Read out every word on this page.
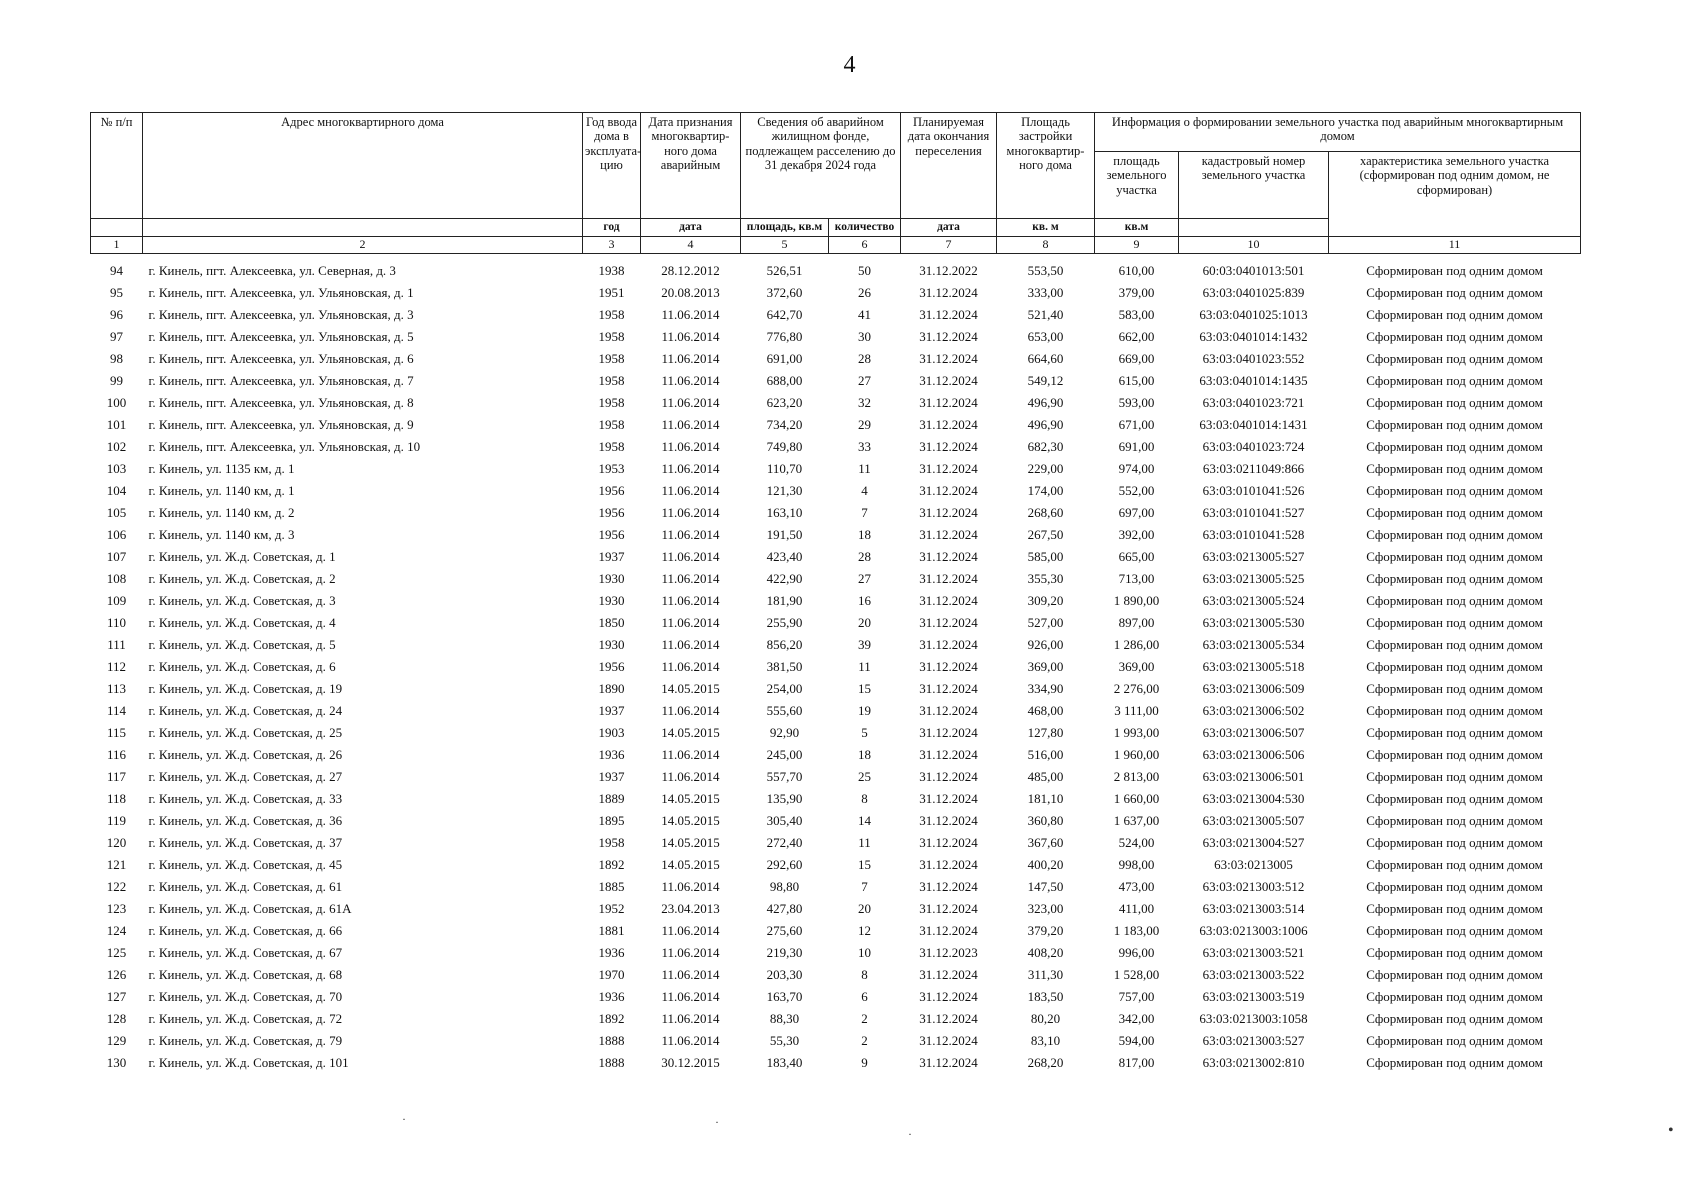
4
№ п/п	Адрес многоквартирного дома	Год ввода дома в эксплуата-цию	Дата признания многоквартир-ного дома аварийным	Сведения об аварийном жилищном фонде, подлежащем расселению до 31 декабря 2024 года		Планируемая дата окончания переселения	Площадь застройки многоквартир-ного дома	Информация о формировании земельного участка под аварийным многоквартирным домом		
								площадь земельного участка	кадастровый номер земельного участка	характеристика земельного участка (сформирован под одним домом, не сформирован)
		год	дата	площадь, кв.м	количество	дата	кв. м	кв.м		
1	2	3	4	5	6	7	8	9	10	11
94	г. Кинель, пгт. Алексеевка, ул. Северная, д. 3	1938	28.12.2012	526,51	50	31.12.2022	553,50	610,00	60:03:0401013:501	Сформирован под одним домом
95	г. Кинель, пгт. Алексеевка, ул. Ульяновская, д. 1	1951	20.08.2013	372,60	26	31.12.2024	333,00	379,00	63:03:0401025:839	Сформирован под одним домом
96	г. Кинель, пгт. Алексеевка, ул. Ульяновская, д. 3	1958	11.06.2014	642,70	41	31.12.2024	521,40	583,00	63:03:0401025:1013	Сформирован под одним домом
97	г. Кинель, пгт. Алексеевка, ул. Ульяновская, д. 5	1958	11.06.2014	776,80	30	31.12.2024	653,00	662,00	63:03:0401014:1432	Сформирован под одним домом
98	г. Кинель, пгт. Алексеевка, ул. Ульяновская, д. 6	1958	11.06.2014	691,00	28	31.12.2024	664,60	669,00	63:03:0401023:552	Сформирован под одним домом
99	г. Кинель, пгт. Алексеевка, ул. Ульяновская, д. 7	1958	11.06.2014	688,00	27	31.12.2024	549,12	615,00	63:03:0401014:1435	Сформирован под одним домом
100	г. Кинель, пгт. Алексеевка, ул. Ульяновская, д. 8	1958	11.06.2014	623,20	32	31.12.2024	496,90	593,00	63:03:0401023:721	Сформирован под одним домом
101	г. Кинель, пгт. Алексеевка, ул. Ульяновская, д. 9	1958	11.06.2014	734,20	29	31.12.2024	496,90	671,00	63:03:0401014:1431	Сформирован под одним домом
102	г. Кинель, пгт. Алексеевка, ул. Ульяновская, д. 10	1958	11.06.2014	749,80	33	31.12.2024	682,30	691,00	63:03:0401023:724	Сформирован под одним домом
103	г. Кинель, ул. 1135 км, д. 1	1953	11.06.2014	110,70	11	31.12.2024	229,00	974,00	63:03:0211049:866	Сформирован под одним домом
104	г. Кинель, ул. 1140 км, д. 1	1956	11.06.2014	121,30	4	31.12.2024	174,00	552,00	63:03:0101041:526	Сформирован под одним домом
105	г. Кинель, ул. 1140 км, д. 2	1956	11.06.2014	163,10	7	31.12.2024	268,60	697,00	63:03:0101041:527	Сформирован под одним домом
106	г. Кинель, ул. 1140 км, д. 3	1956	11.06.2014	191,50	18	31.12.2024	267,50	392,00	63:03:0101041:528	Сформирован под одним домом
107	г. Кинель, ул. Ж.д. Советская, д. 1	1937	11.06.2014	423,40	28	31.12.2024	585,00	665,00	63:03:0213005:527	Сформирован под одним домом
108	г. Кинель, ул. Ж.д. Советская, д. 2	1930	11.06.2014	422,90	27	31.12.2024	355,30	713,00	63:03:0213005:525	Сформирован под одним домом
109	г. Кинель, ул. Ж.д. Советская, д. 3	1930	11.06.2014	181,90	16	31.12.2024	309,20	1 890,00	63:03:0213005:524	Сформирован под одним домом
110	г. Кинель, ул. Ж.д. Советская, д. 4	1850	11.06.2014	255,90	20	31.12.2024	527,00	897,00	63:03:0213005:530	Сформирован под одним домом
111	г. Кинель, ул. Ж.д. Советская, д. 5	1930	11.06.2014	856,20	39	31.12.2024	926,00	1 286,00	63:03:0213005:534	Сформирован под одним домом
112	г. Кинель, ул. Ж.д. Советская, д. 6	1956	11.06.2014	381,50	11	31.12.2024	369,00	369,00	63:03:0213005:518	Сформирован под одним домом
113	г. Кинель, ул. Ж.д. Советская, д. 19	1890	14.05.2015	254,00	15	31.12.2024	334,90	2 276,00	63:03:0213006:509	Сформирован под одним домом
114	г. Кинель, ул. Ж.д. Советская, д. 24	1937	11.06.2014	555,60	19	31.12.2024	468,00	3 111,00	63:03:0213006:502	Сформирован под одним домом
115	г. Кинель, ул. Ж.д. Советская, д. 25	1903	14.05.2015	92,90	5	31.12.2024	127,80	1 993,00	63:03:0213006:507	Сформирован под одним домом
116	г. Кинель, ул. Ж.д. Советская, д. 26	1936	11.06.2014	245,00	18	31.12.2024	516,00	1 960,00	63:03:0213006:506	Сформирован под одним домом
117	г. Кинель, ул. Ж.д. Советская, д. 27	1937	11.06.2014	557,70	25	31.12.2024	485,00	2 813,00	63:03:0213006:501	Сформирован под одним домом
118	г. Кинель, ул. Ж.д. Советская, д. 33	1889	14.05.2015	135,90	8	31.12.2024	181,10	1 660,00	63:03:0213004:530	Сформирован под одним домом
119	г. Кинель, ул. Ж.д. Советская, д. 36	1895	14.05.2015	305,40	14	31.12.2024	360,80	1 637,00	63:03:0213005:507	Сформирован под одним домом
120	г. Кинель, ул. Ж.д. Советская, д. 37	1958	14.05.2015	272,40	11	31.12.2024	367,60	524,00	63:03:0213004:527	Сформирован под одним домом
121	г. Кинель, ул. Ж.д. Советская, д. 45	1892	14.05.2015	292,60	15	31.12.2024	400,20	998,00	63:03:0213005	Сформирован под одним домом
122	г. Кинель, ул. Ж.д. Советская, д. 61	1885	11.06.2014	98,80	7	31.12.2024	147,50	473,00	63:03:0213003:512	Сформирован под одним домом
123	г. Кинель, ул. Ж.д. Советская, д. 61А	1952	23.04.2013	427,80	20	31.12.2024	323,00	411,00	63:03:0213003:514	Сформирован под одним домом
124	г. Кинель, ул. Ж.д. Советская, д. 66	1881	11.06.2014	275,60	12	31.12.2024	379,20	1 183,00	63:03:0213003:1006	Сформирован под одним домом
125	г. Кинель, ул. Ж.д. Советская, д. 67	1936	11.06.2014	219,30	10	31.12.2023	408,20	996,00	63:03:0213003:521	Сформирован под одним домом
126	г. Кинель, ул. Ж.д. Советская, д. 68	1970	11.06.2014	203,30	8	31.12.2024	311,30	1 528,00	63:03:0213003:522	Сформирован под одним домом
127	г. Кинель, ул. Ж.д. Советская, д. 70	1936	11.06.2014	163,70	6	31.12.2024	183,50	757,00	63:03:0213003:519	Сформирован под одним домом
128	г. Кинель, ул. Ж.д. Советская, д. 72	1892	11.06.2014	88,30	2	31.12.2024	80,20	342,00	63:03:0213003:1058	Сформирован под одним домом
129	г. Кинель, ул. Ж.д. Советская, д. 79	1888	11.06.2014	55,30	2	31.12.2024	83,10	594,00	63:03:0213003:527	Сформирован под одним домом
130	г. Кинель, ул. Ж.д. Советская, д. 101	1888	30.12.2015	183,40	9	31.12.2024	268,20	817,00	63:03:0213002:810	Сформирован под одним домом
·	·
·	•
